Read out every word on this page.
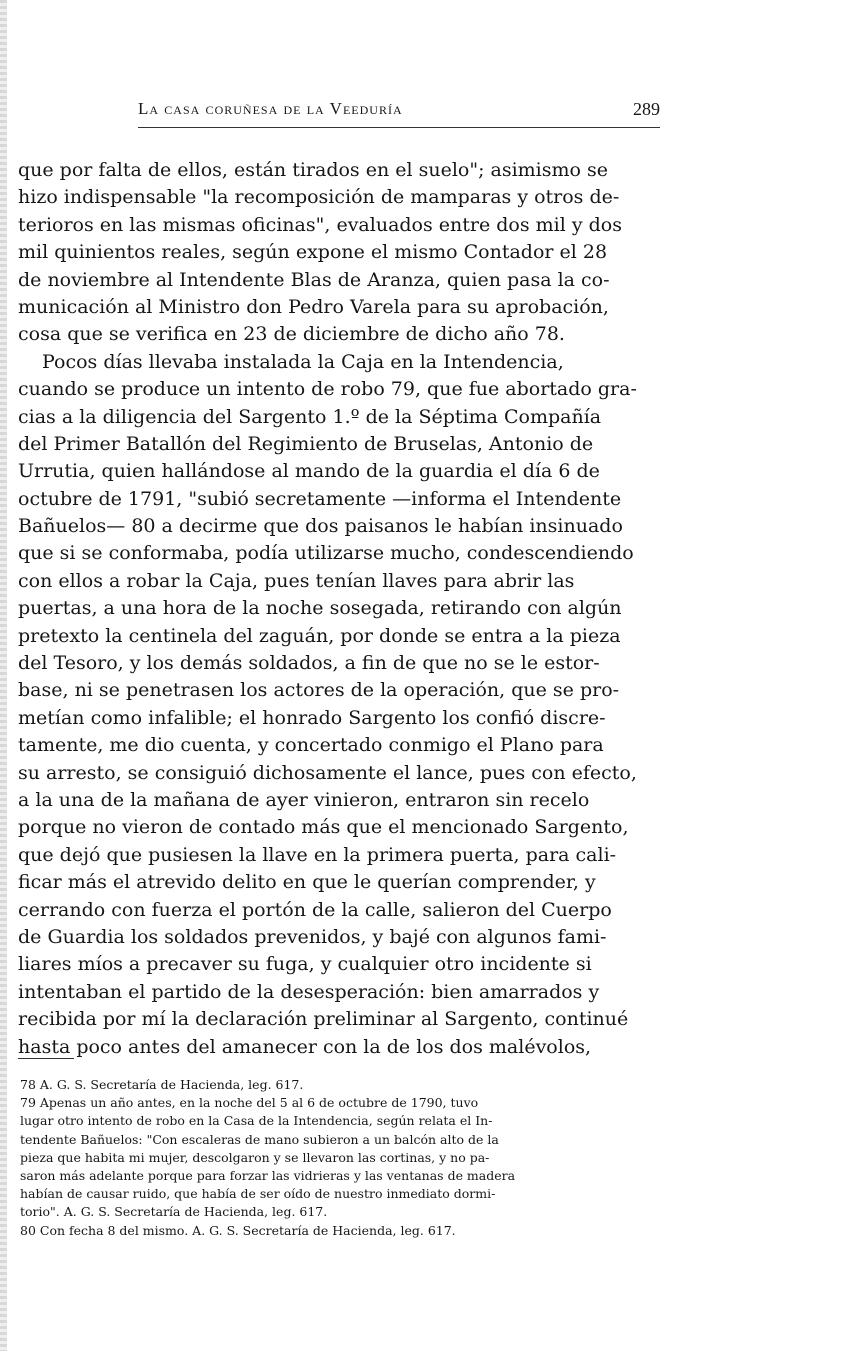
La casa coruñesa de la Veeduría	289
que por falta de ellos, están tirados en el suelo"; asimismo se
hizo indispensable "la recomposición de mamparas y otros de-
terioros en las mismas oficinas", evaluados entre dos mil y dos
mil quinientos reales, según expone el mismo Contador el 28
de noviembre al Intendente Blas de Aranza, quien pasa la co-
municación al Ministro don Pedro Varela para su aprobación,
cosa que se verifica en 23 de diciembre de dicho año 78.
Pocos días llevaba instalada la Caja en la Intendencia,
cuando se produce un intento de robo 79, que fue abortado gra-
cias a la diligencia del Sargento 1.º de la Séptima Compañía
del Primer Batallón del Regimiento de Bruselas, Antonio de
Urrutia, quien hallándose al mando de la guardia el día 6 de
octubre de 1791, "subió secretamente —informa el Intendente
Bañuelos— 80 a decirme que dos paisanos le habían insinuado
que si se conformaba, podía utilizarse mucho, condescendiendo
con ellos a robar la Caja, pues tenían llaves para abrir las
puertas, a una hora de la noche sosegada, retirando con algún
pretexto la centinela del zaguán, por donde se entra a la pieza
del Tesoro, y los demás soldados, a fin de que no se le estor-
base, ni se penetrasen los actores de la operación, que se pro-
metían como infalible; el honrado Sargento los confió discre-
tamente, me dio cuenta, y concertado conmigo el Plano para
su arresto, se consiguió dichosamente el lance, pues con efecto,
a la una de la mañana de ayer vinieron, entraron sin recelo
porque no vieron de contado más que el mencionado Sargento,
que dejó que pusiesen la llave en la primera puerta, para cali-
ficar más el atrevido delito en que le querían comprender, y
cerrando con fuerza el portón de la calle, salieron del Cuerpo
de Guardia los soldados prevenidos, y bajé con algunos fami-
liares míos a precaver su fuga, y cualquier otro incidente si
intentaban el partido de la desesperación: bien amarrados y
recibida por mí la declaración preliminar al Sargento, continué
hasta poco antes del amanecer con la de los dos malévolos,
78 A. G. S. Secretaría de Hacienda, leg. 617.
79 Apenas un año antes, en la noche del 5 al 6 de octubre de 1790, tuvo
lugar otro intento de robo en la Casa de la Intendencia, según relata el In-
tendente Bañuelos: "Con escaleras de mano subieron a un balcón alto de la
pieza que habita mi mujer, descolgaron y se llevaron las cortinas, y no pa-
saron más adelante porque para forzar las vidrieras y las ventanas de madera
habían de causar ruido, que había de ser oído de nuestro inmediato dormi-
torio". A. G. S. Secretaría de Hacienda, leg. 617.
80 Con fecha 8 del mismo. A. G. S. Secretaría de Hacienda, leg. 617.
